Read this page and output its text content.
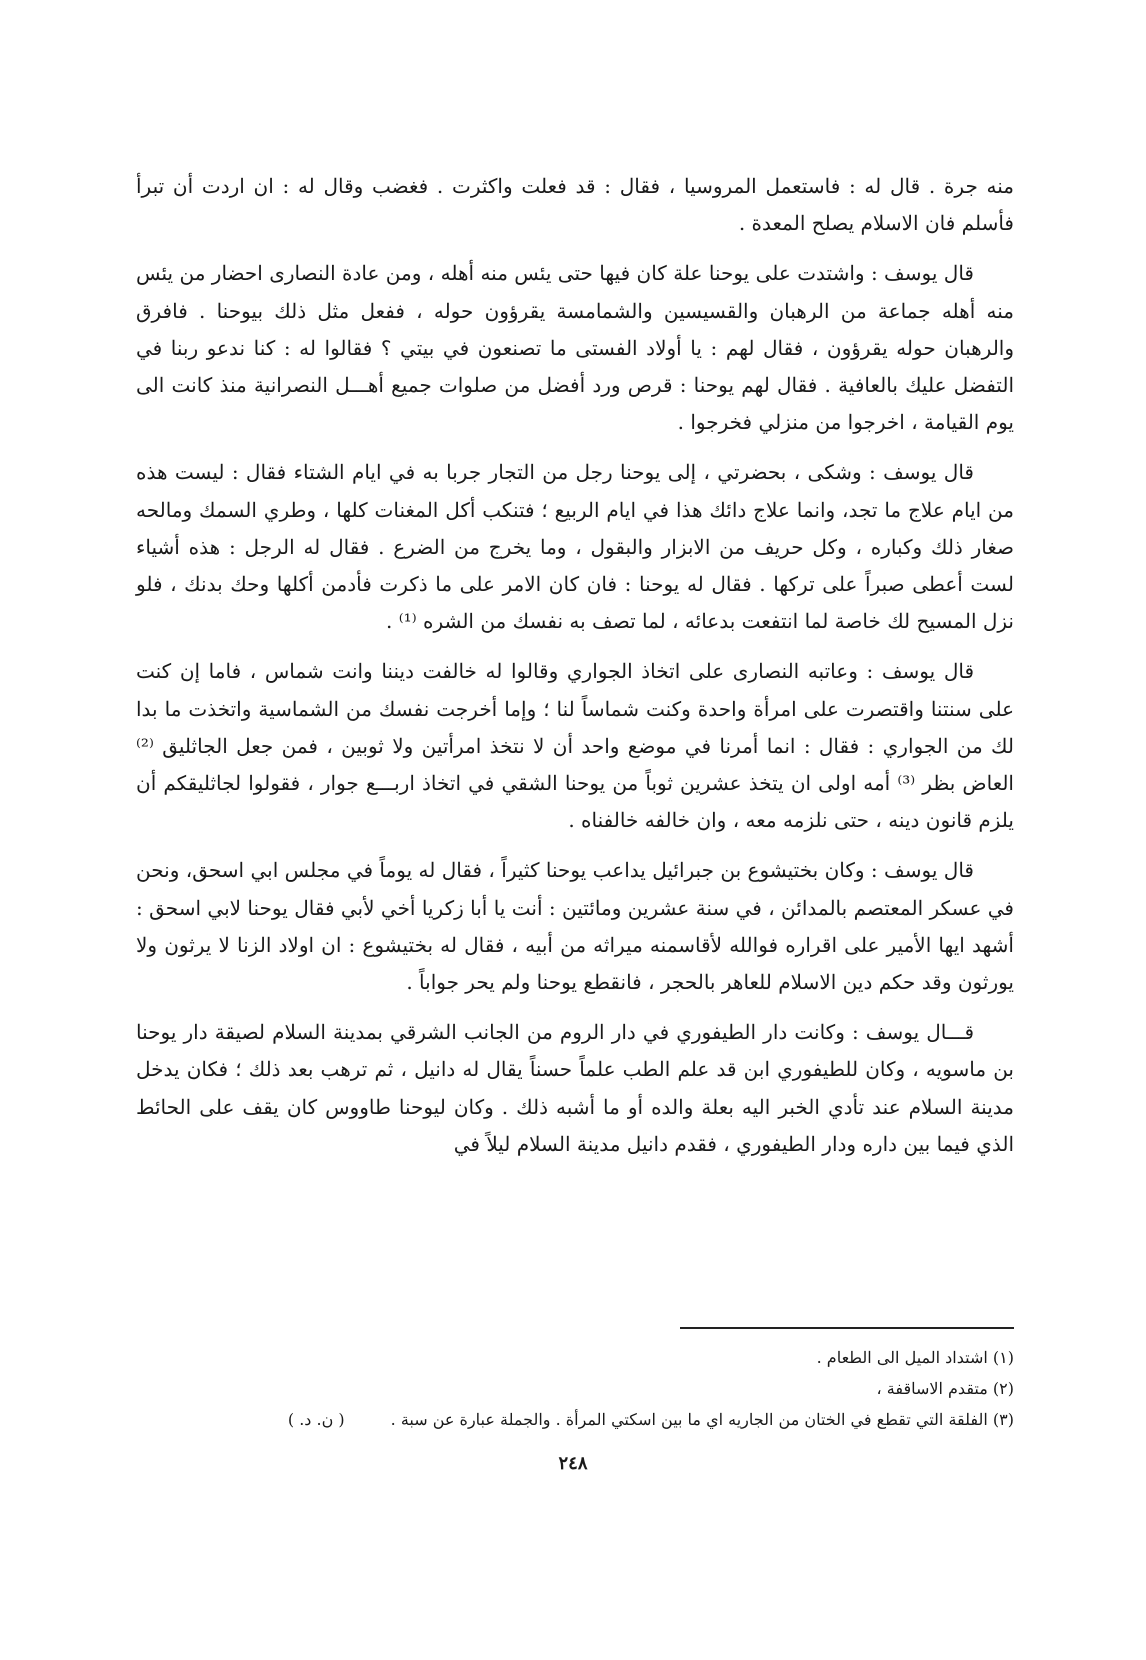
منه جرة . قال له : فاستعمل المروسيا ، فقال : قد فعلت واكثرت . فغضب وقال له : ان اردت أن تبرأ فأسلم فان الاسلام يصلح المعدة .

قال يوسف : واشتدت على يوحنا علة كان فيها حتى يئس منه أهله ، ومن عادة النصارى احضار من يئس منه أهله جماعة من الرهبان والقسيسين والشمامسة يقرؤون حوله ، ففعل مثل ذلك بيوحنا . فافرق والرهبان حوله يقرؤون ، فقال لهم : يا أولاد الفستى ما تصنعون في بيتي ؟ فقالوا له : كنا ندعو ربنا في التفضل عليك بالعافية . فقال لهم يوحنا : قرص ورد أفضل من صلوات جميع أهـــل النصرانية منذ كانت الى يوم القيامة ، اخرجوا من منزلي فخرجوا .

قال يوسف : وشكى ، بحضرتي ، إلى يوحنا رجل من التجار جربا به في ايام الشتاء فقال : ليست هذه من ايام علاج ما تجد، وانما علاج دائك هذا في ايام الربيع ؛ فتنكب أكل المغنات كلها ، وطري السمك ومالحه صغار ذلك وكباره ، وكل حريف من الابزار والبقول ، وما يخرج من الضرع . فقال له الرجل : هذه أشياء لست أعطى صبراً على تركها . فقال له يوحنا : فان كان الامر على ما ذكرت فأدمن أكلها وحك بدنك ، فلو نزل المسيح لك خاصة لما انتفعت بدعائه ، لما تصف به نفسك من الشره ⁽¹⁾ .

قال يوسف : وعاتبه النصارى على اتخاذ الجواري وقالوا له خالفت ديننا وانت شماس ، فاما إن كنت على سنتنا واقتصرت على امرأة واحدة وكنت شماساً لنا ؛ وإما أخرجت نفسك من الشماسية واتخذت ما بدا لك من الجواري : فقال : انما أمرنا في موضع واحد أن لا نتخذ امرأتين ولا ثوبين ، فمن جعل الجاثليق ⁽²⁾ العاض بظر ⁽³⁾ أمه اولى ان يتخذ عشرين ثوباً من يوحنا الشقي في اتخاذ اربـــع جوار ، فقولوا لجاثليقكم أن يلزم قانون دينه ، حتى نلزمه معه ، وان خالفه خالفناه .

قال يوسف : وكان بختيشوع بن جبرائيل يداعب يوحنا كثيراً ، فقال له يوماً في مجلس ابي اسحق، ونحن في عسكر المعتصم بالمدائن ، في سنة عشرين ومائتين : أنت يا أبا زكريا أخي لأبي فقال يوحنا لابي اسحق : أشهد ايها الأمير على اقراره فوالله لأقاسمنه ميراثه من أبيه ، فقال له بختيشوع : ان اولاد الزنا لا يرثون ولا يورثون وقد حكم دين الاسلام للعاهر بالحجر ، فانقطع يوحنا ولم يحر جواباً .

قـــال يوسف : وكانت دار الطيفوري في دار الروم من الجانب الشرقي بمدينة السلام لصيقة دار يوحنا بن ماسويه ، وكان للطيفوري ابن قد علم الطب علماً حسناً يقال له دانيل ، ثم ترهب بعد ذلك ؛ فكان يدخل مدينة السلام عند تأدي الخبر اليه بعلة والده أو ما أشبه ذلك . وكان ليوحنا طاووس كان يقف على الحائط الذي فيما بين داره ودار الطيفوري ، فقدم دانيل مدينة السلام ليلاً في

(١) اشتداد الميل الى الطعام .

(٢) متقدم الاساقفة ،

(٣) الفلقة التي تقطع في الختان من الجاريه اي ما بين اسكتي المرأة . والجملة عبارة عن سبة .( ن. د. )

٢٤٨
